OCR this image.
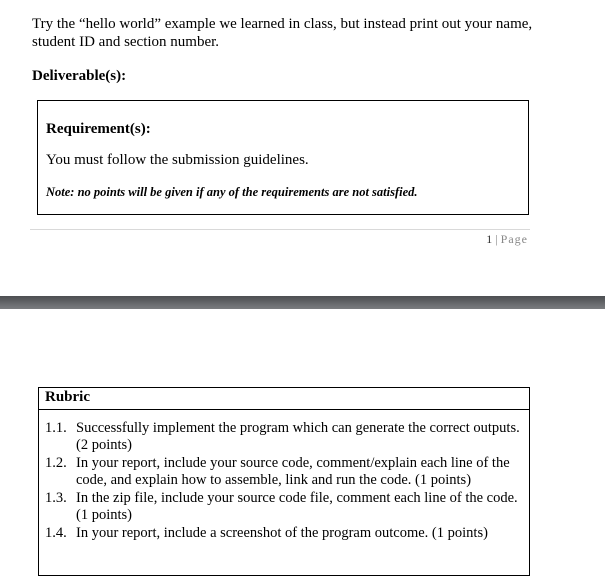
Try the “hello world” example we learned in class, but instead print out your name, student ID and section number.
Deliverable(s):
Requirement(s):
You must follow the submission guidelines.
Note: no points will be given if any of the requirements are not satisfied.
1 | Page
Rubric
1.1. Successfully implement the program which can generate the correct outputs. (2 points)
1.2. In your report, include your source code, comment/explain each line of the code, and explain how to assemble, link and run the code. (1 points)
1.3. In the zip file, include your source code file, comment each line of the code. (1 points)
1.4. In your report, include a screenshot of the program outcome. (1 points)
